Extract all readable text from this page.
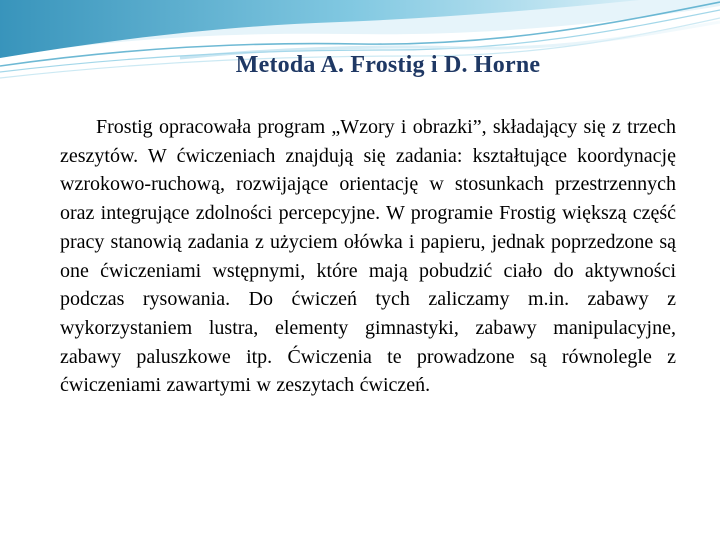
Metoda A. Frostig i D. Horne
Frostig opracowała program „Wzory i obrazki”, składający się z trzech zeszytów. W ćwiczeniach znajdują się zadania: kształtujące koordynację wzrokowo-ruchową, rozwijające orientację w stosunkach przestrzennych oraz integrujące zdolności percepcyjne. W programie Frostig większą część pracy stanowią zadania z użyciem ołówka i papieru, jednak poprzedzone są one ćwiczeniami wstępnymi, które mają pobudzić ciało do aktywności podczas rysowania. Do ćwiczeń tych zaliczamy m.in. zabawy z wykorzystaniem lustra, elementy gimnastyki, zabawy manipulacyjne, zabawy paluszkowe itp. Ćwiczenia te prowadzone są równolegle z ćwiczeniami zawartymi w zeszytach ćwiczeń.
